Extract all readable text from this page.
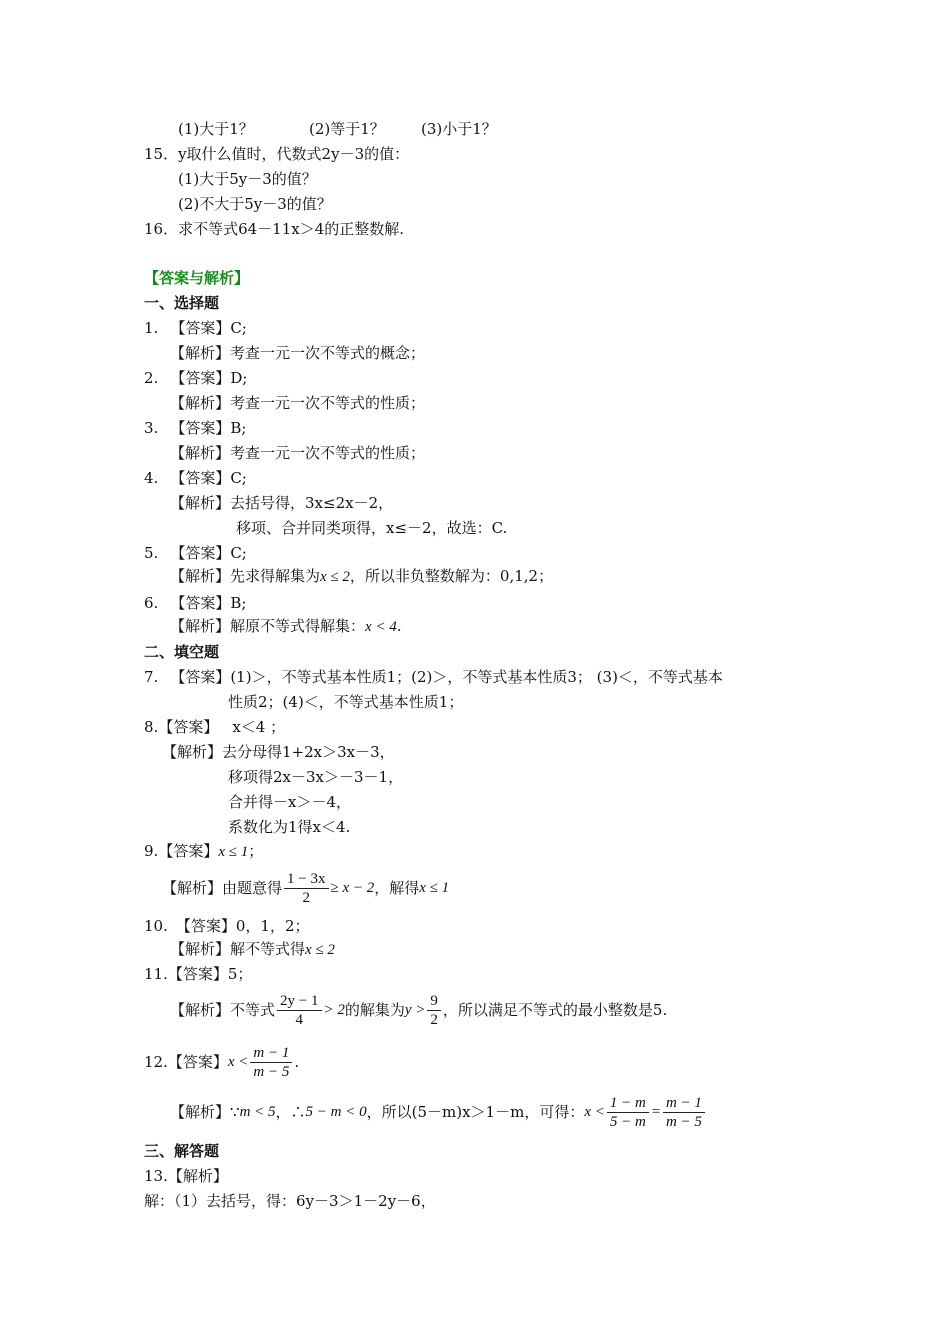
(1)大于1？	(2)等于1？ (3)小于1？
15．y取什么值时，代数式2y－3的值：
(1)大于5y－3的值？
(2)不大于5y－3的值？
16．求不等式64－11x＞4的正整数解.
【答案与解析】
一、选择题
1. 【答案】C;
【解析】考查一元一次不等式的概念；
2. 【答案】D;
【解析】考查一元一次不等式的性质；
3. 【答案】B;
【解析】考查一元一次不等式的性质；
4. 【答案】C;
【解析】去括号得，3x≤2x－2，
移项、合并同类项得，x≤－2，故选：C.
5. 【答案】C;
【解析】先求得解集为x ≤ 2，所以非负整数解为：0,1,2；
6. 【答案】B;
【解析】解原不等式得解集：x < 4.
二、填空题
7. 【答案】(1)＞，不等式基本性质1；(2)＞，不等式基本性质3； (3)＜，不等式基本
性质2；(4)＜，不等式基本性质1；
8.【答案】 x＜4 ；
【解析】去分母得1+2x＞3x－3，
移项得2x－3x＞－3－1，
合并得－x＞－4，
系数化为1得x＜4.
9.【答案】x ≤ 1；
【解析】 由题意得 $\frac{1 - 3x}{2} \ge x - 2$ ，解得 x ≤ 1
10. 【答案】0，1，2；
【解析】解不等式得x ≤ 2
11.【答案】5；
【解析】 不等式 $\frac{2y - 1}{4} > 2$ 的解集为 $y > \frac{9}{2}$ ，所以满足不等式的最小整数是5.
12. 【答案】 $x < \frac{m - 1}{m - 5}$ .
【解析】 ∵ m < 5 ，∴ 5 − m < 0 ，所以(5－m)x＞1－m，可得： $x < \frac{1 - m}{5 - m} = \frac{m - 1}{m - 5}$
三、解答题
13.【解析】
解：（1）去括号，得：6y－3＞1－2y－6，
